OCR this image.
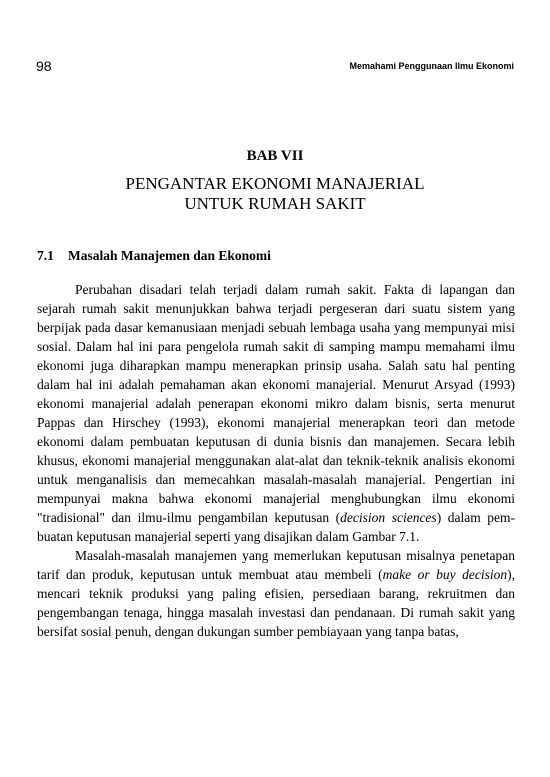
98	Memahami Penggunaan Ilmu Ekonomi
BAB VII
PENGANTAR EKONOMI MANAJERIAL
UNTUK RUMAH SAKIT
7.1 Masalah Manajemen dan Ekonomi

Perubahan disadari telah terjadi dalam rumah sakit. Fakta di lapangan dan sejarah rumah sakit menunjukkan bahwa terjadi pergeseran dari suatu sistem yang berpijak pada dasar kemanusiaan menjadi sebuah lembaga usaha yang mempunyai misi sosial. Dalam hal ini para pengelola rumah sakit di samping mampu memahami ilmu ekonomi juga diharapkan mampu menerapkan prinsip usaha. Salah satu hal penting dalam hal ini adalah pemahaman akan ekonomi manajerial. Menurut Arsyad (1993) ekonomi manajerial adalah penerapan ekonomi mikro dalam bisnis, serta menurut Pappas dan Hirschey (1993), ekonomi manajerial menerapkan teori dan metode ekonomi dalam pembuatan keputusan di dunia bisnis dan manajemen. Secara lebih khusus, ekonomi manajerial menggunakan alat-alat dan teknik-teknik analisis ekonomi untuk menganalisis dan memecahkan masalah-masalah manajerial. Pengertian ini mempunyai makna bahwa ekonomi manajerial menghubungkan ilmu ekonomi "tradisional" dan ilmu-ilmu pengambilan keputusan (decision sciences) dalam pembuatan keputusan manajerial seperti yang disajikan dalam Gambar 7.1.

Masalah-masalah manajemen yang memerlukan keputusan misalnya penetapan tarif dan produk, keputusan untuk membuat atau membeli (make or buy decision), mencari teknik produksi yang paling efisien, persediaan barang, rekruitmen dan pengembangan tenaga, hingga masalah investasi dan pendanaan. Di rumah sakit yang bersifat sosial penuh, dengan dukungan sumber pembiayaan yang tanpa batas,
